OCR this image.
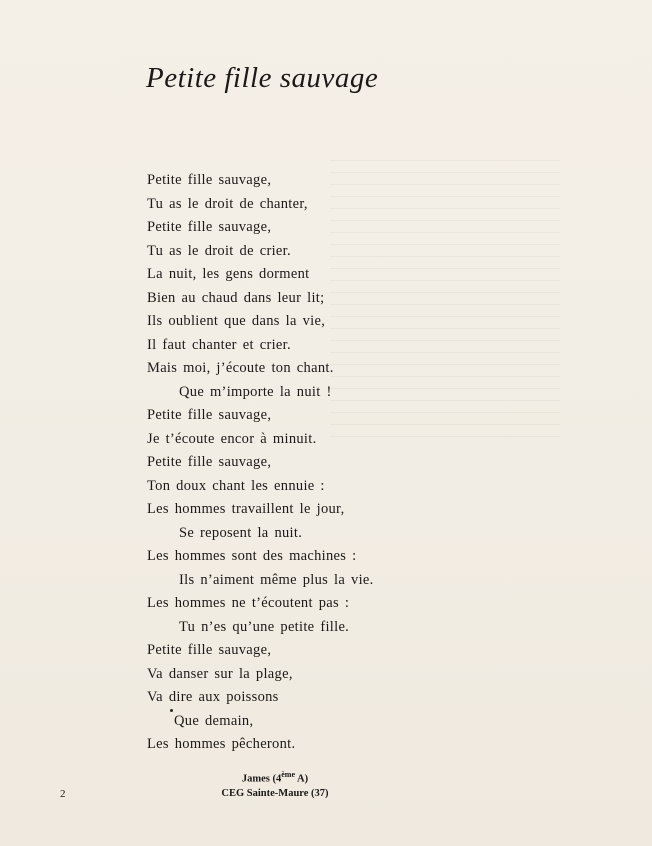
Petite fille sauvage
Petite fille sauvage,
Tu as le droit de chanter,
Petite fille sauvage,
Tu as le droit de crier.
La nuit, les gens dorment
Bien au chaud dans leur lit;
Ils oublient que dans la vie,
Il faut chanter et crier.
Mais moi, j’écoute ton chant.
Que m’importe la nuit !
Petite fille sauvage,
Je t’écoute encor à minuit.
Petite fille sauvage,
Ton doux chant les ennuie :
Les hommes travaillent le jour,
Se reposent la nuit.
Les hommes sont des machines :
Ils n’aiment même plus la vie.
Les hommes ne t’écoutent pas :
Tu n’es qu’une petite fille.
Petite fille sauvage,
Va danser sur la plage,
Va dire aux poissons
Que demain,
Les hommes pêcheront.
James (4ème A)
CEG Sainte-Maure (37)
2
